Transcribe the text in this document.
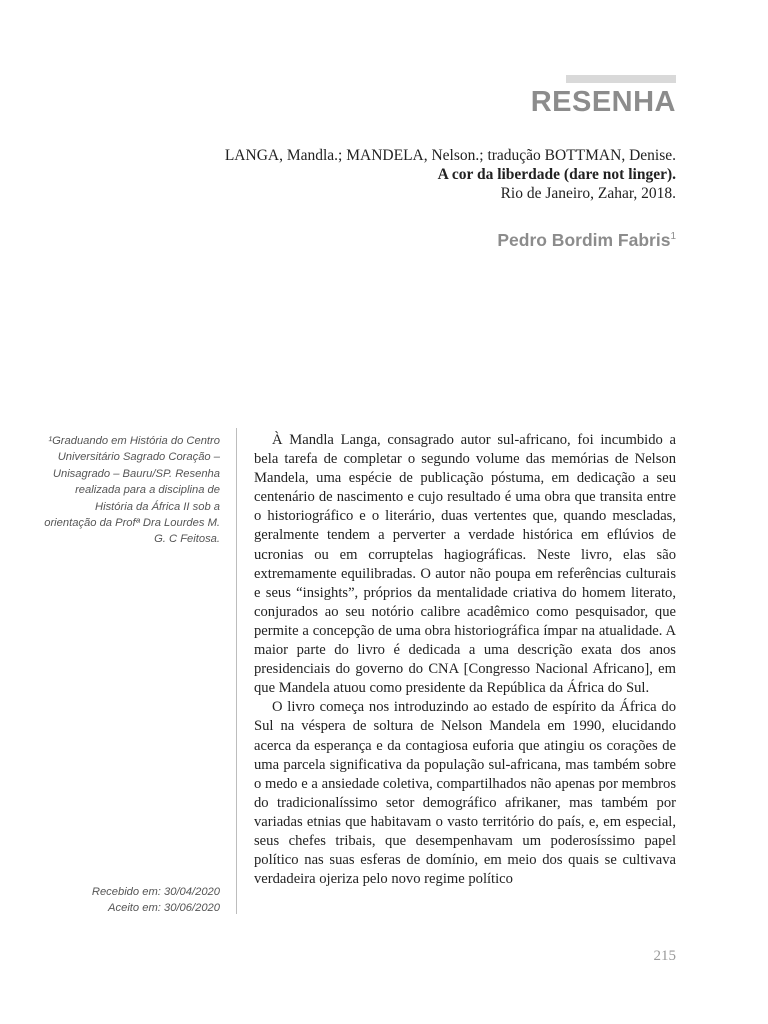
RESENHA
LANGA, Mandla.; MANDELA, Nelson.; tradução BOTTMAN, Denise.
A cor da liberdade (dare not linger).
Rio de Janeiro, Zahar, 2018.
Pedro Bordim Fabris$^1$
¹Graduando em História do Centro Universitário Sagrado Coração – Unisagrado – Bauru/SP. Resenha realizada para a disciplina de História da África II sob a orientação da Profª Dra Lourdes M. G. C Feitosa.
Recebido em: 30/04/2020
Aceito em: 30/06/2020

À Mandla Langa, consagrado autor sul-africano, foi incumbido a bela tarefa de completar o segundo volume das memórias de Nelson Mandela, uma espécie de publicação póstuma, em dedicação a seu centenário de nascimento e cujo resultado é uma obra que transita entre o historiográfico e o literário, duas vertentes que, quando mescladas, geralmente tendem a perverter a verdade histórica em eflúvios de ucronias ou em corruptelas hagiográficas. Neste livro, elas são extremamente equilibradas. O autor não poupa em referências culturais e seus “insights”, próprios da mentalidade criativa do homem literato, conjurados ao seu notório calibre acadêmico como pesquisador, que permite a concepção de uma obra historiográfica ímpar na atualidade. A maior parte do livro é dedicada a uma descrição exata dos anos presidenciais do governo do CNA [Congresso Nacional Africano], em que Mandela atuou como presidente da República da África do Sul.

O livro começa nos introduzindo ao estado de espírito da África do Sul na véspera de soltura de Nelson Mandela em 1990, elucidando acerca da esperança e da contagiosa euforia que atingiu os corações de uma parcela significativa da população sul-africana, mas também sobre o medo e a ansiedade coletiva, compartilhados não apenas por membros do tradicionalíssimo setor demográfico afrikaner, mas também por variadas etnias que habitavam o vasto território do país, e, em especial, seus chefes tribais, que desempenhavam um poderosíssimo papel político nas suas esferas de domínio, em meio dos quais se cultivava verdadeira ojeriza pelo novo regime político

215
